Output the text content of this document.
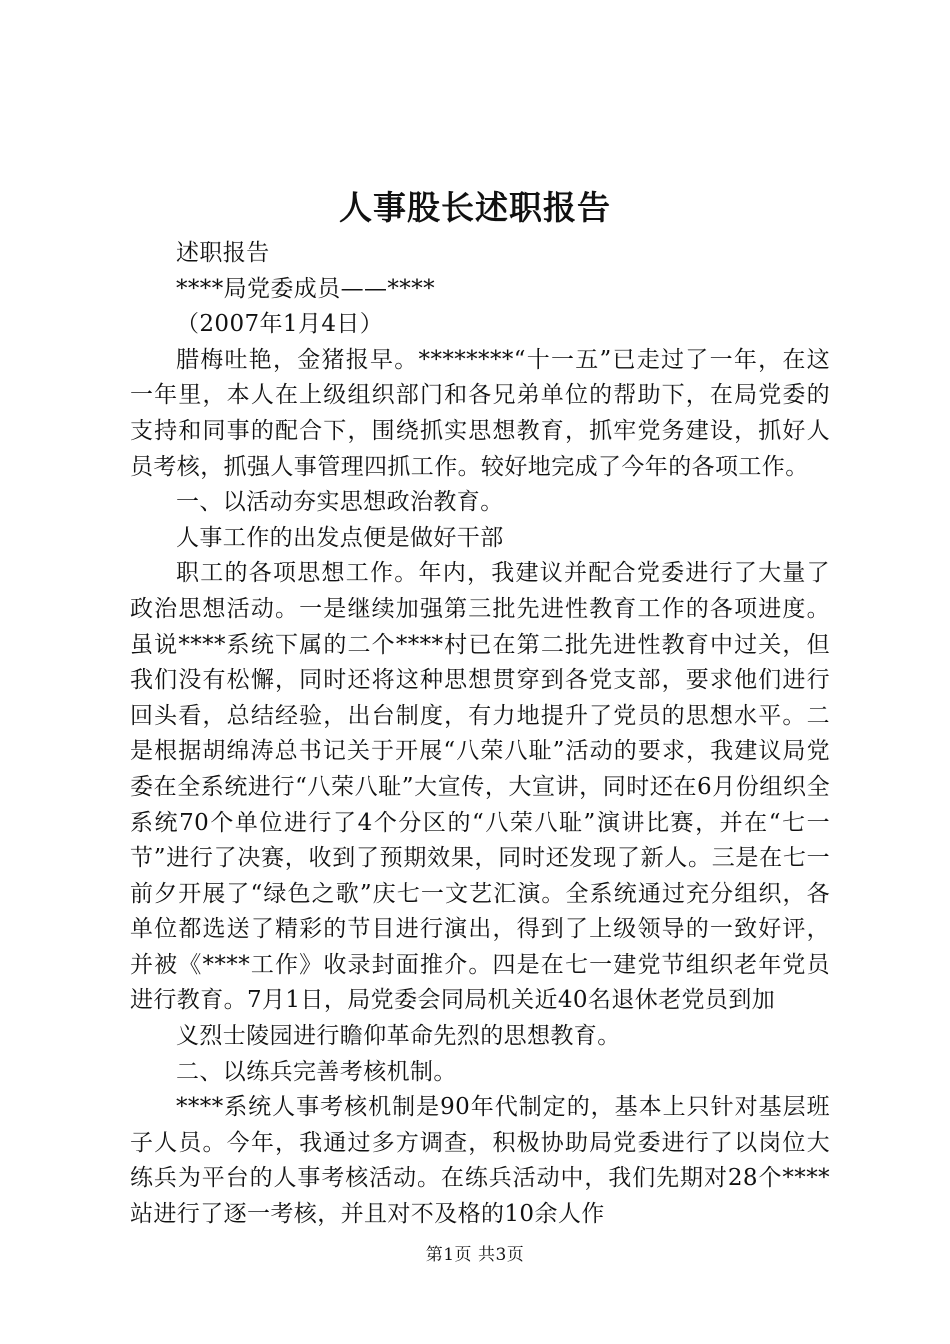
人事股长述职报告

述职报告

****局党委成员——****

（2007年1月4日）

腊梅吐艳，金猪报早。********“十一五”已走过了一年，在这一年里，本人在上级组织部门和各兄弟单位的帮助下，在局党委的支持和同事的配合下，围绕抓实思想教育，抓牢党务建设，抓好人员考核，抓强人事管理四抓工作。较好地完成了今年的各项工作。

一、以活动夯实思想政治教育。

人事工作的出发点便是做好干部

职工的各项思想工作。年内，我建议并配合党委进行了大量了政治思想活动。一是继续加强第三批先进性教育工作的各项进度。虽说****系统下属的二个****村已在第二批先进性教育中过关，但我们没有松懈，同时还将这种思想贯穿到各党支部，要求他们进行回头看，总结经验，出台制度，有力地提升了党员的思想水平。二是根据胡绵涛总书记关于开展“八荣八耻”活动的要求，我建议局党委在全系统进行“八荣八耻”大宣传，大宣讲，同时还在6月份组织全系统70个单位进行了4个分区的“八荣八耻”演讲比赛，并在“七一节”进行了决赛，收到了预期效果，同时还发现了新人。三是在七一前夕开展了“绿色之歌”庆七一文艺汇演。全系统通过充分组织，各单位都选送了精彩的节目进行演出，得到了上级领导的一致好评，并被《****工作》收录封面推介。四是在七一建党节组织老年党员进行教育。7月1日，局党委会同局机关近40名退休老党员到加

义烈士陵园进行瞻仰革命先烈的思想教育。

二、以练兵完善考核机制。

****系统人事考核机制是90年代制定的，基本上只针对基层班子人员。今年，我通过多方调查，积极协助局党委进行了以岗位大练兵为平台的人事考核活动。在练兵活动中，我们先期对28个****站进行了逐一考核，并且对不及格的10余人作

第1页 共3页
